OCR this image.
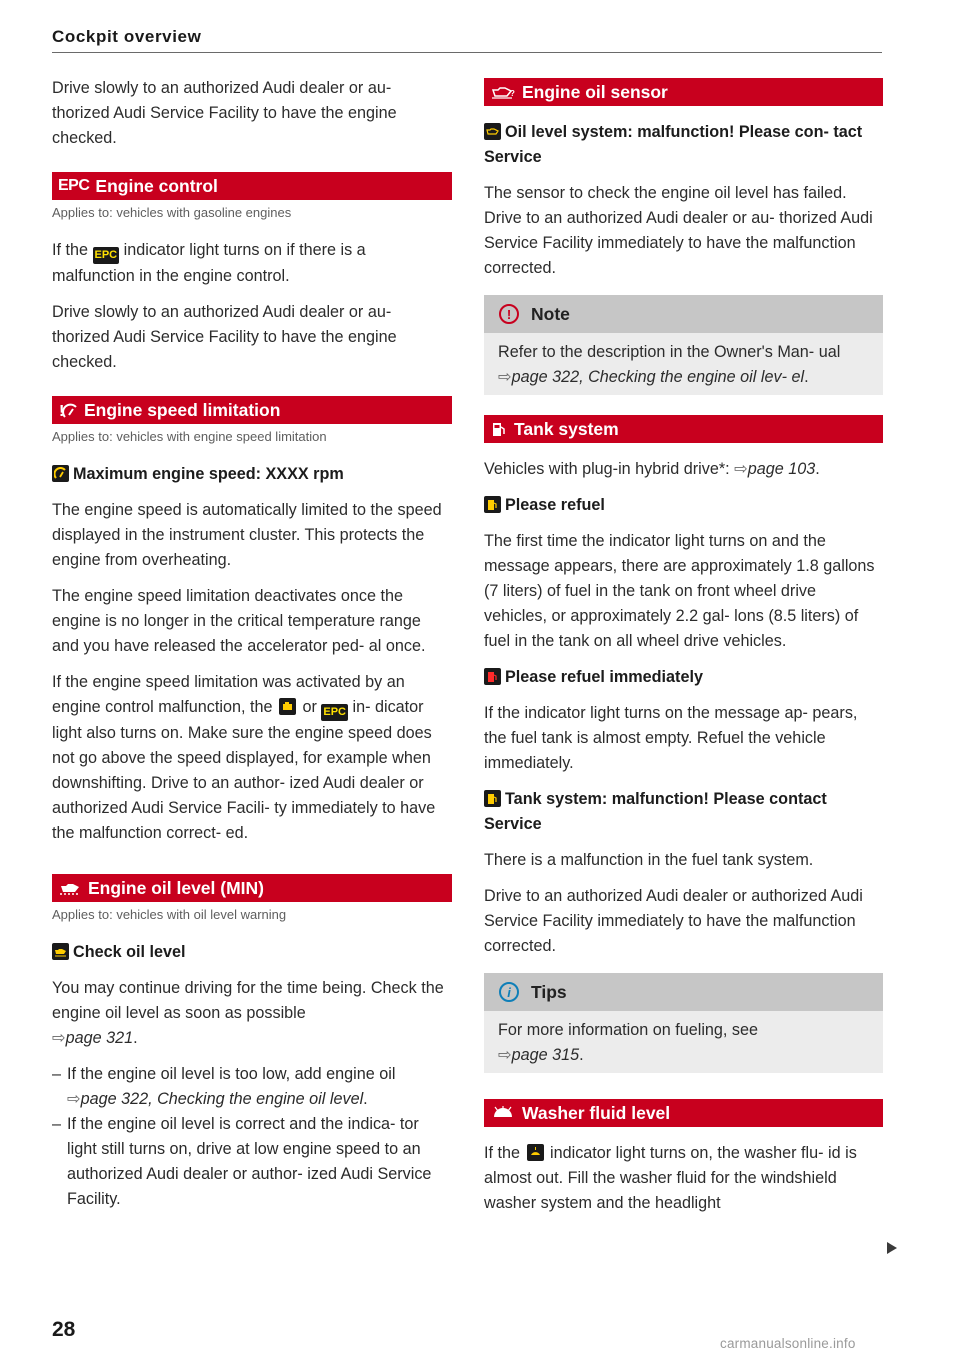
Cockpit overview

Drive slowly to an authorized Audi dealer or au- thorized Audi Service Facility to have the engine checked.

EPC Engine control
Applies to: vehicles with gasoline engines

If the EPC indicator light turns on if there is a malfunction in the engine control.

Drive slowly to an authorized Audi dealer or au- thorized Audi Service Facility to have the engine checked.

! Engine speed limitation
Applies to: vehicles with engine speed limitation
Maximum engine speed: XXXX rpm

The engine speed is automatically limited to the speed displayed in the instrument cluster. This protects the engine from overheating.

The engine speed limitation deactivates once the engine is no longer in the critical temperature range and you have released the accelerator ped- al once.

If the engine speed limitation was activated by an engine control malfunction, the or EPC in- dicator light also turns on. Make sure the engine speed does not go above the speed displayed, for example when downshifting. Drive to an author- ized Audi dealer or authorized Audi Service Facili- ty immediately to have the malfunction correct- ed.

Engine oil level (MIN)
Applies to: vehicles with oil level warning
Check oil level

You may continue driving for the time being. Check the engine oil level as soon as possible
⇨page 321.

– If the engine oil level is too low, add engine oil
⇨page 322, Checking the engine oil level.
– If the engine oil level is correct and the indica- tor light still turns on, drive at low engine speed to an authorized Audi dealer or author- ized Audi Service Facility.
? Engine oil sensor
Oil level system: malfunction! Please con- tact Service

The sensor to check the engine oil level has failed. Drive to an authorized Audi dealer or au- thorized Audi Service Facility immediately to have the malfunction corrected.

!	Note

Refer to the description in the Owner's Man- ual ⇨page 322, Checking the engine oil lev- el.

Tank system

Vehicles with plug-in hybrid drive*: ⇨page 103.

Please refuel

The first time the indicator light turns on and the message appears, there are approximately 1.8 gallons (7 liters) of fuel in the tank on front wheel drive vehicles, or approximately 2.2 gal- lons (8.5 liters) of fuel in the tank on all wheel drive vehicles.

Please refuel immediately

If the indicator light turns on the message ap- pears, the fuel tank is almost empty. Refuel the vehicle immediately.

Tank system: malfunction! Please contact Service

There is a malfunction in the fuel tank system.

Drive to an authorized Audi dealer or authorized Audi Service Facility immediately to have the malfunction corrected.

i	Tips

For more information on fueling, see
⇨page 315.

Washer fluid level

If the indicator light turns on, the washer flu- id is almost out. Fill the washer fluid for the windshield washer system and the headlight

28
carmanualsonline.info
